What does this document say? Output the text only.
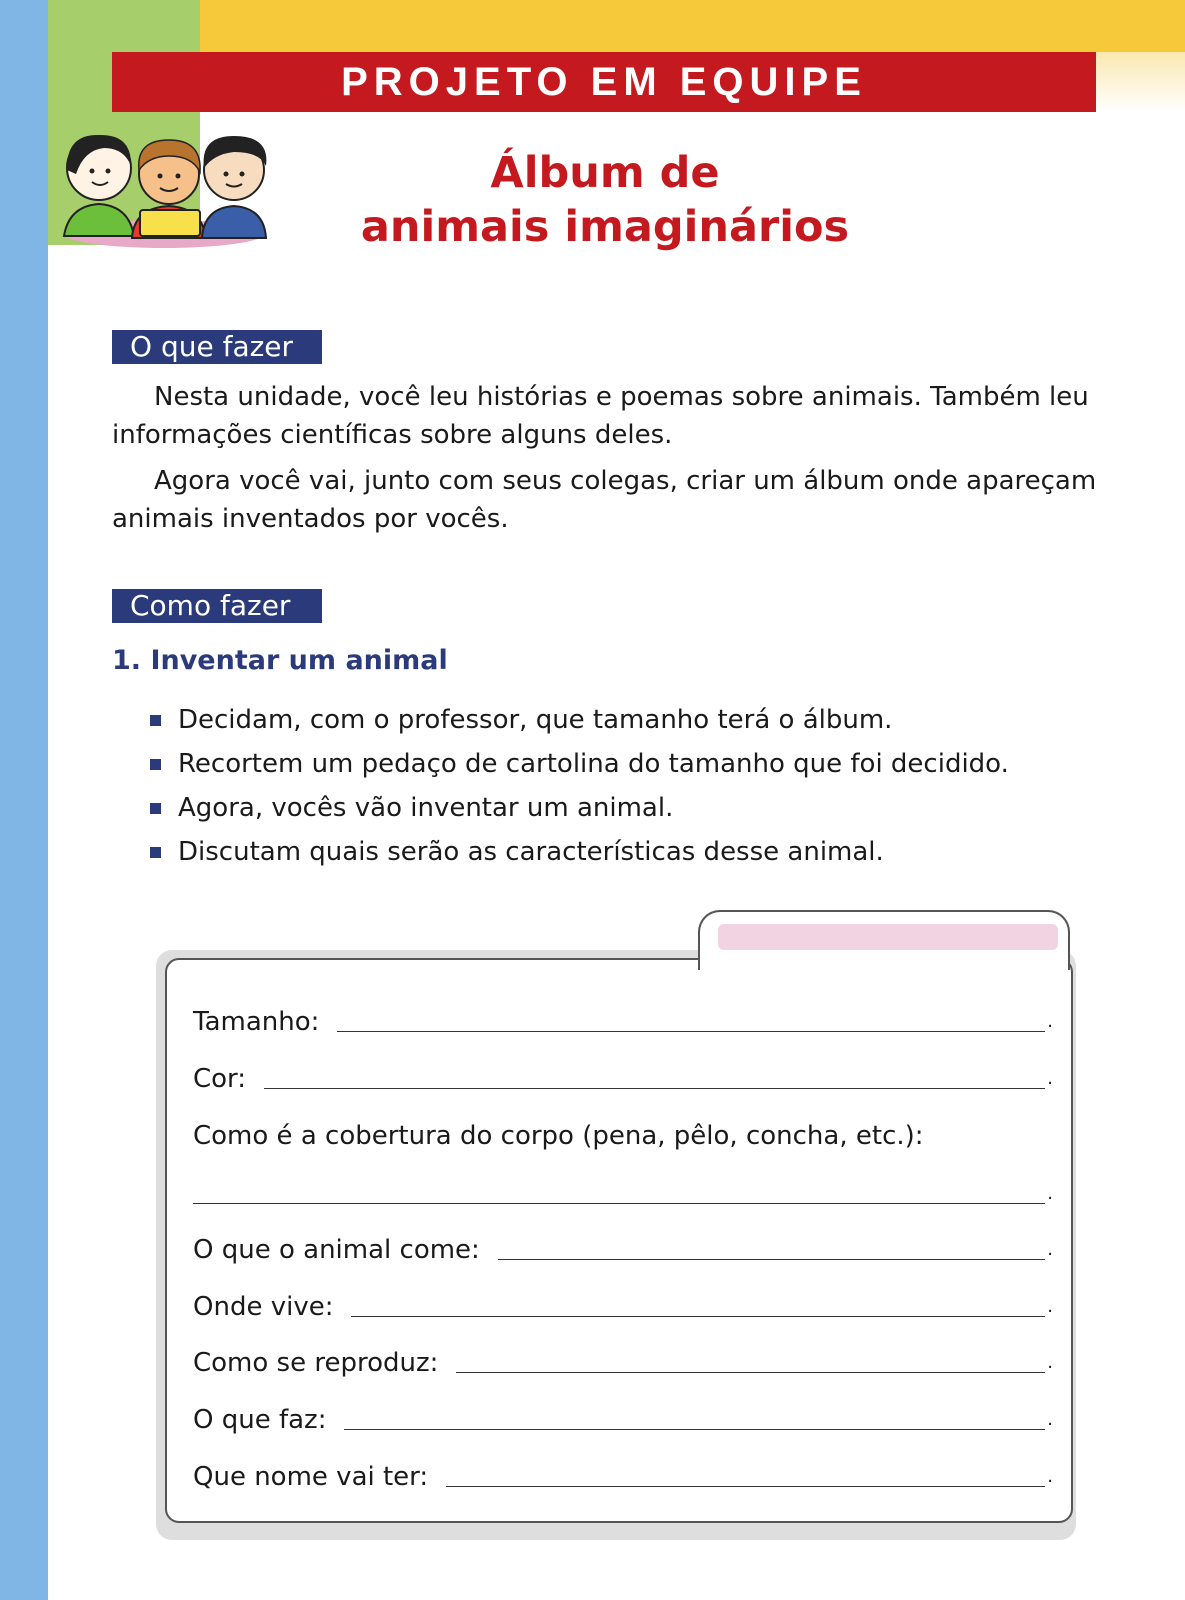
PROJETO EM EQUIPE
Álbum de
animais imaginários
O que fazer

Nesta unidade, você leu histórias e poemas sobre animais. Também leu informações científicas sobre alguns deles.

Agora você vai, junto com seus colegas, criar um álbum onde apareçam animais inventados por vocês.

Como fazer
1. Inventar um animal
Decidam, com o professor, que tamanho terá o álbum.
Recortem um pedaço de cartolina do tamanho que foi decidido.
Agora, vocês vão inventar um animal.
Discutam quais serão as características desse animal.
Tamanho:	.
Cor:	.
Como é a cobertura do corpo (pena, pêlo, concha, etc.):
.
O que o animal come:	.
Onde vive:	.
Como se reproduz:	.
O que faz:	.
Que nome vai ter:	.
